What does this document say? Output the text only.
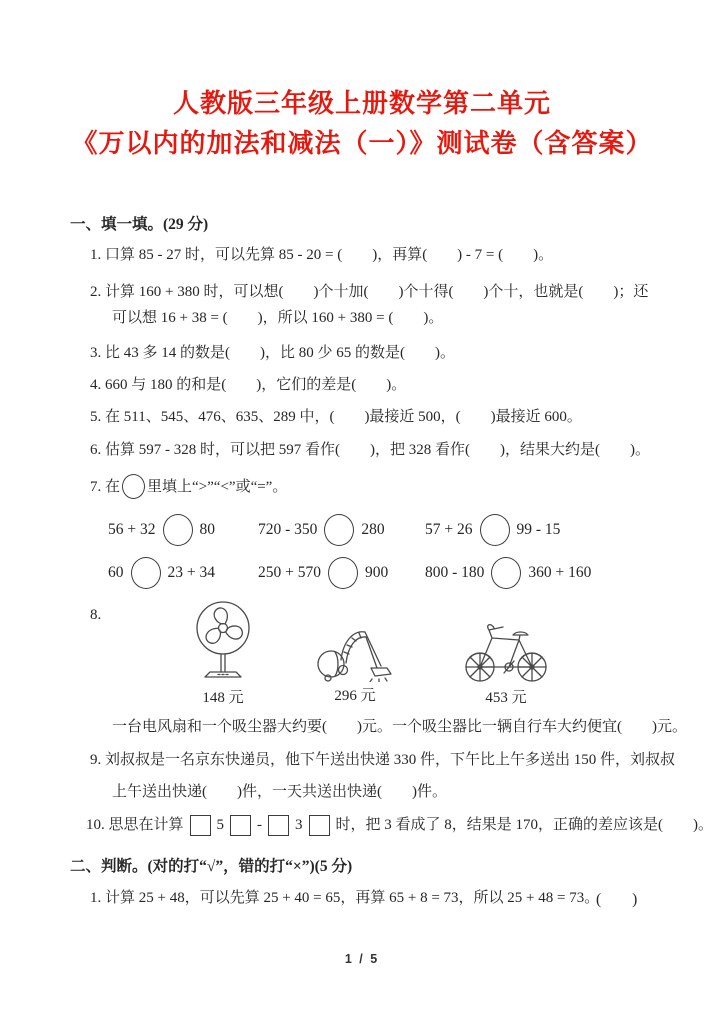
人教版三年级上册数学第二单元
《万以内的加法和减法（一）》测试卷（含答案）
一、填一填。(29 分)
1. 口算 85 - 27 时，可以先算 85 - 20 = (　　)，再算(　　) - 7 = (　　)。
2. 计算 160 + 380 时，可以想(　　)个十加(　　)个十得(　　)个十，也就是(　　)；还
可以想 16 + 38 = (　　)，所以 160 + 380 = (　　)。
3. 比 43 多 14 的数是(　　)，比 80 少 65 的数是(　　)。
4. 660 与 180 的和是(　　)，它们的差是(　　)。
5. 在 511、545、476、635、289 中，(　　)最接近 500，(　　)最接近 600。
6. 估算 597 - 328 时，可以把 597 看作(　　)，把 328 看作(　　)，结果大约是(　　)。
7. 在 里填上“>”“<”或“=”。
56 + 32	80	720 - 350	280	57 + 26	99 - 15
60	23 + 34	250 + 570	900 800 - 180	360 + 160
8.
148 元	296 元	453 元
一台电风扇和一个吸尘器大约要(　　)元。一个吸尘器比一辆自行车大约便宜(　　)元。
9. 刘叔叔是一名京东快递员，他下午送出快递 330 件，下午比上午多送出 150 件，刘叔叔
上午送出快递(　　)件，一天共送出快递(　　)件。
10. 思思在计算 5 - 3 时，把 3 看成了 8，结果是 170，正确的差应该是(　　)。
二、判断。(对的打“√”，错的打“×”)(5 分)
1. 计算 25 + 48，可以先算 25 + 40 = 65，再算 65 + 8 = 73，所以 25 + 48 = 73。
(　　)
1 / 5
